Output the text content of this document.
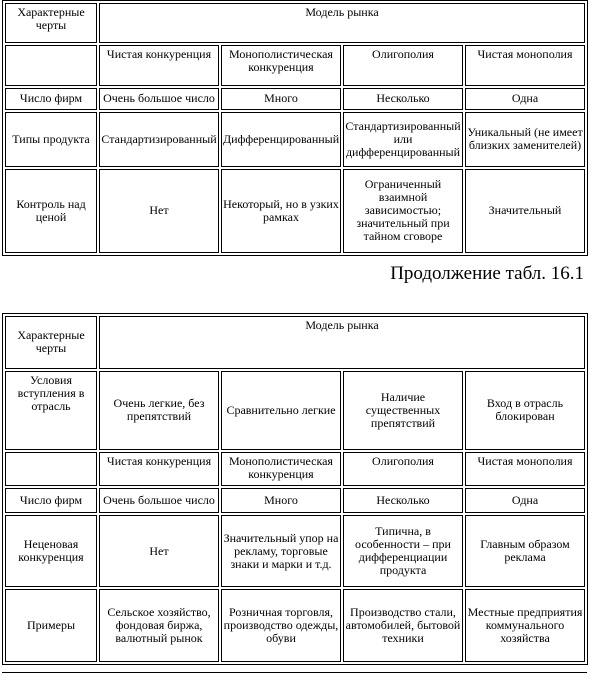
Характерные черты	Модель рынка			
	Чистая конкуренция	Монополистическая конкуренция	Олигополия	Чистая монополия
Число фирм	Очень большое число	Много	Несколько	Одна
Типы продукта	Стандартизированный	Дифференцированный	Стандартизированный или дифференцированный	Уникальный (не имеет близких заменителей)
Контроль над ценой	Нет	Некоторый, но в узких рамках	Ограниченный взаимной зависимостью; значительный при тайном сговоре	Значительный
Продолжение табл. 16.1
Характерные черты	Модель рынка			
Условия вступления в отрасль	Очень легкие, без препятствий	Сравнительно легкие	Наличие существенных препятствий	Вход в отрасль блокирован
	Чистая конкуренция	Монополистическая конкуренция	Олигополия	Чистая монополия
Число фирм	Очень большое число	Много	Несколько	Одна
Неценовая конкуренция	Нет	Значительный упор на рекламу, торговые знаки и марки и т.д.	Типична, в особенности – при дифференциации продукта	Главным образом реклама
Примеры	Сельское хозяйство, фондовая биржа, валютный рынок	Розничная торговля, производство одежды, обуви	Производство стали, автомобилей, бытовой техники	Местные предприятия коммунального хозяйства
